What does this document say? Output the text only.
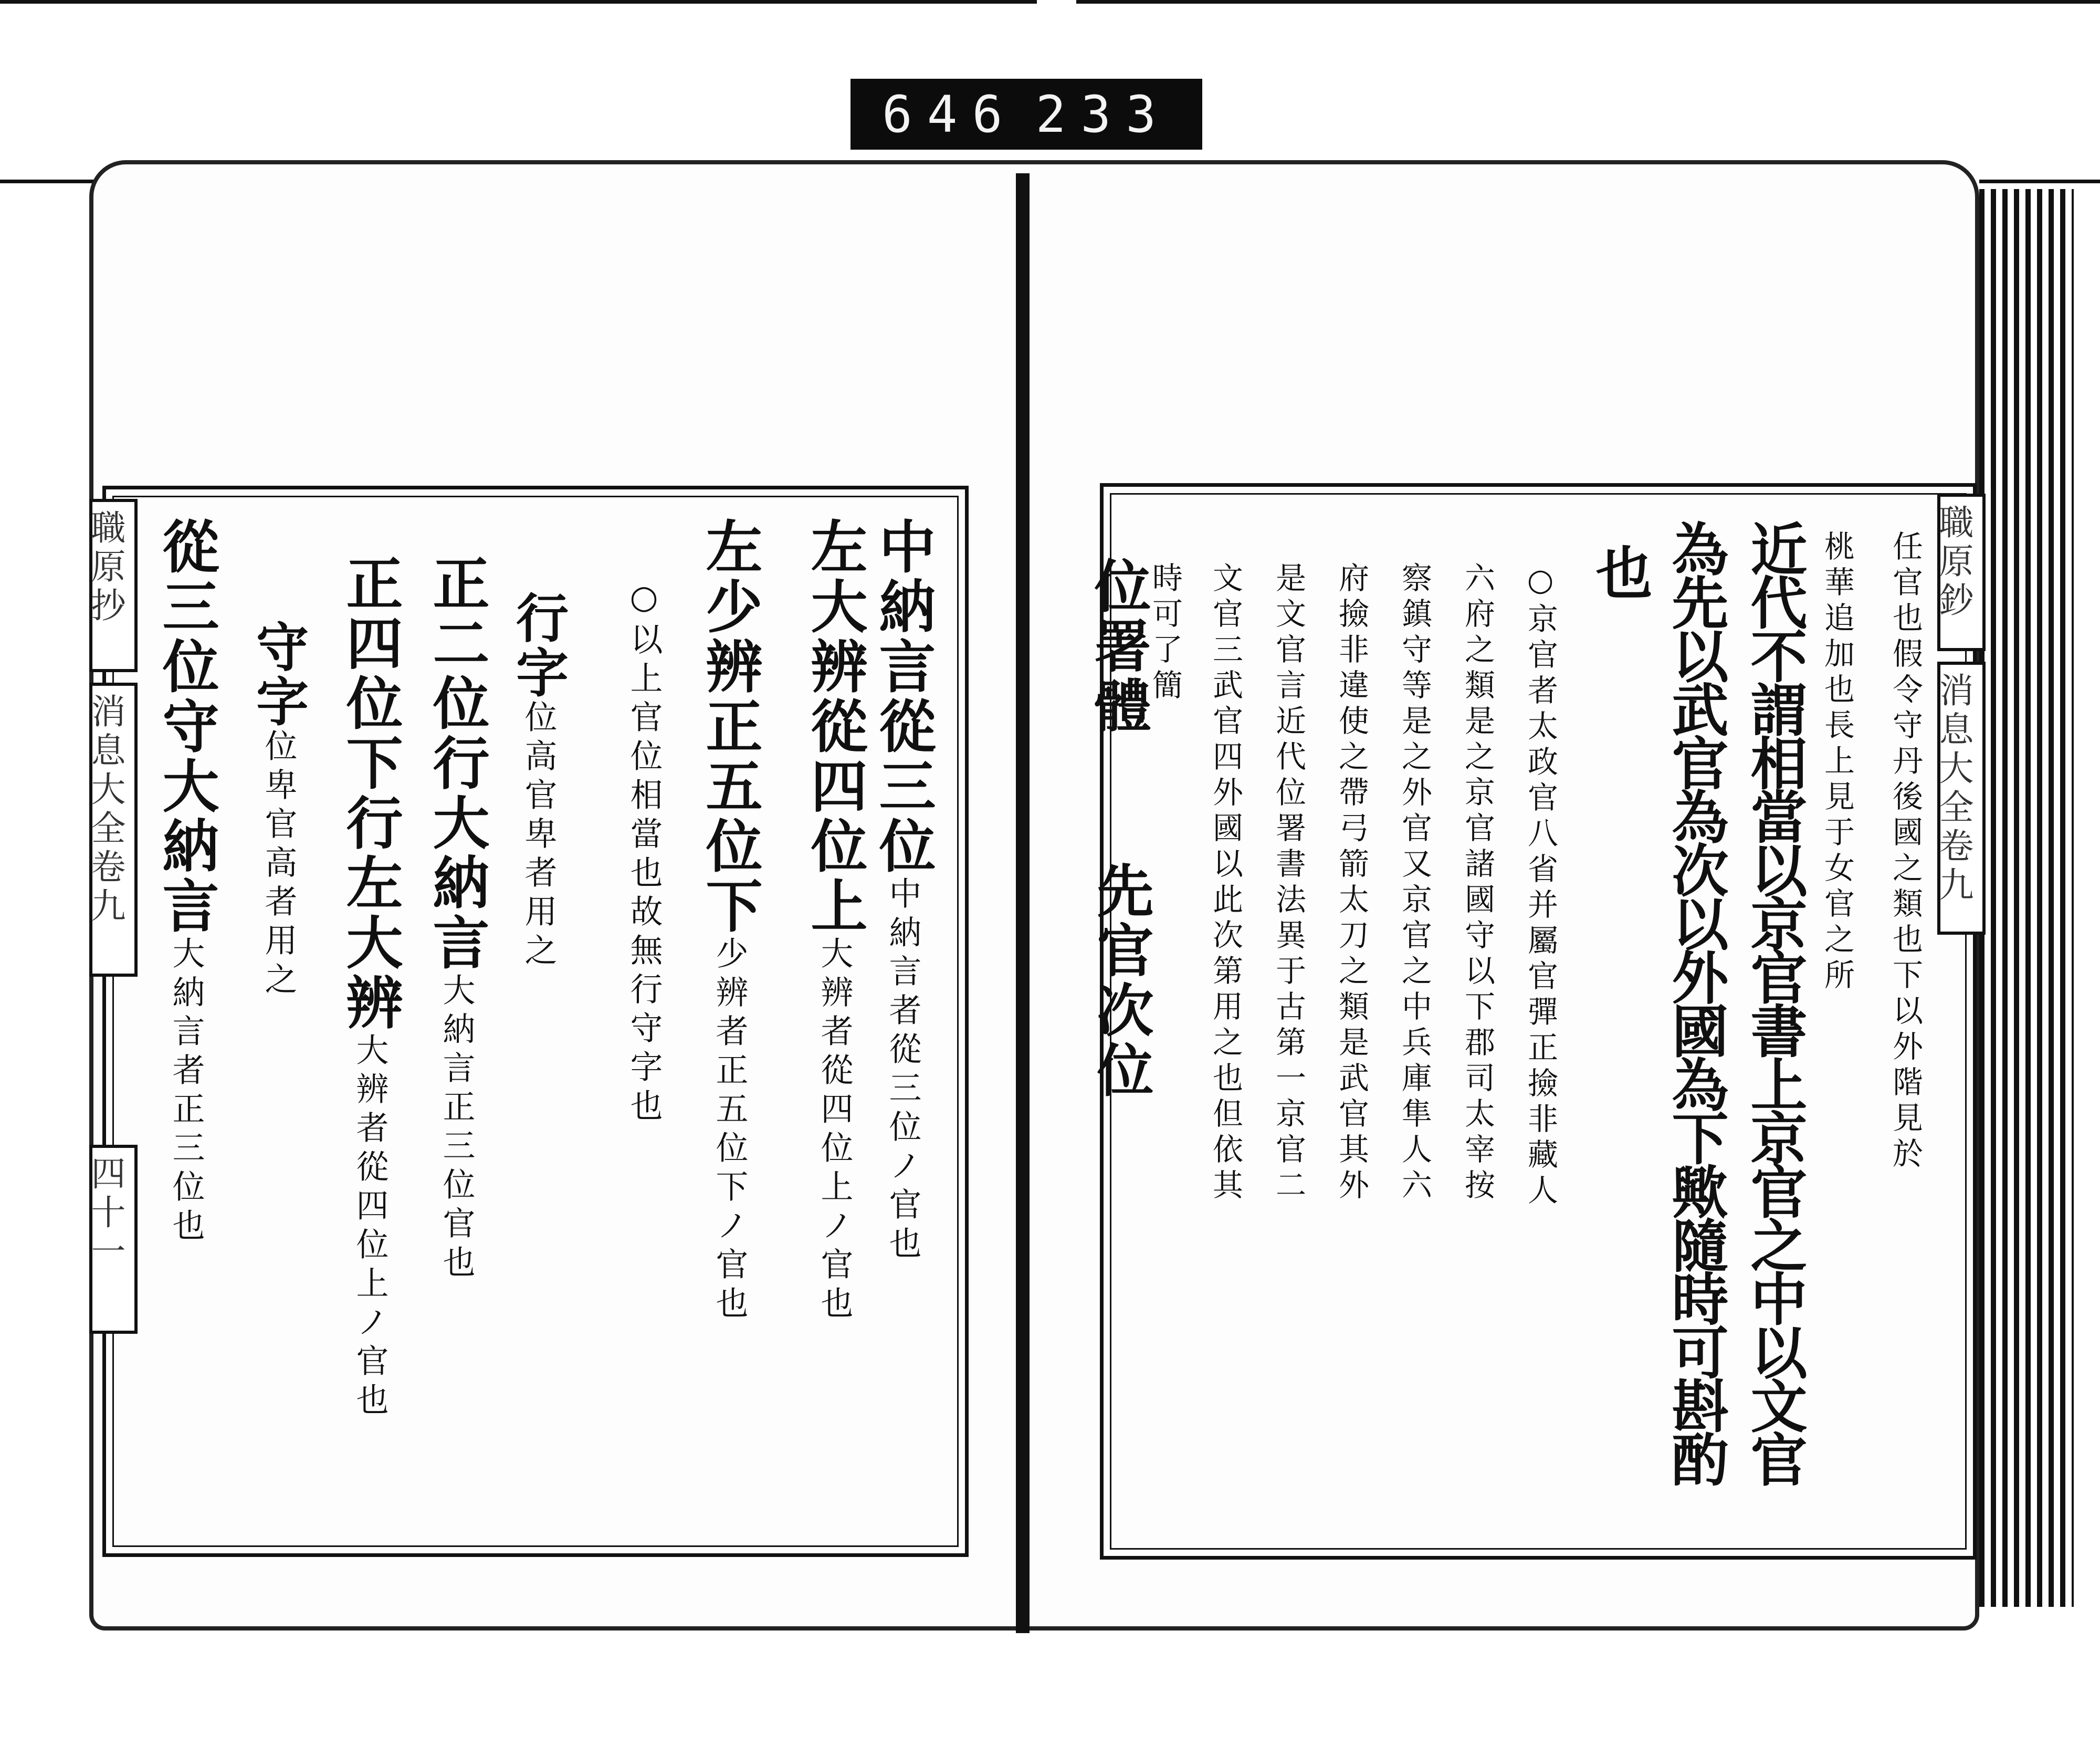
646 233
職原抄
消息大全卷九
四十一
中納言從三位中納言者從三位ノ官也
左大辨從四位上大辨者從四位上ノ官也
左少辨正五位下少辨者正五位下ノ官也
○以上官位相當也故無行守字也
行字位高官卑者用之
正二位行大納言大納言正三位官也
正四位下行左大辨大辨者從四位上ノ官也
守字位卑官高者用之
從三位守大納言大納言者正三位也
職原鈔
消息大全卷九
任官也假令守丹後國之類也下以外階見於
桃華追加也長上見于女官之所
近代不謂相當以京官書上京官之中以文官
為先以武官為次以外國為下歟隨時可斟酌
也
○京官者太政官八省并屬官彈正撿非藏人
六府之類是之京官諸國守以下郡司太宰按
察鎮守等是之外官又京官之中兵庫隼人六
府撿非違使之帶弓箭太刀之類是武官其外
是文官言近代位署書法異于古第一京官二
文官三武官四外國以此次第用之也但依其
時可了簡
位署體
先官次位
